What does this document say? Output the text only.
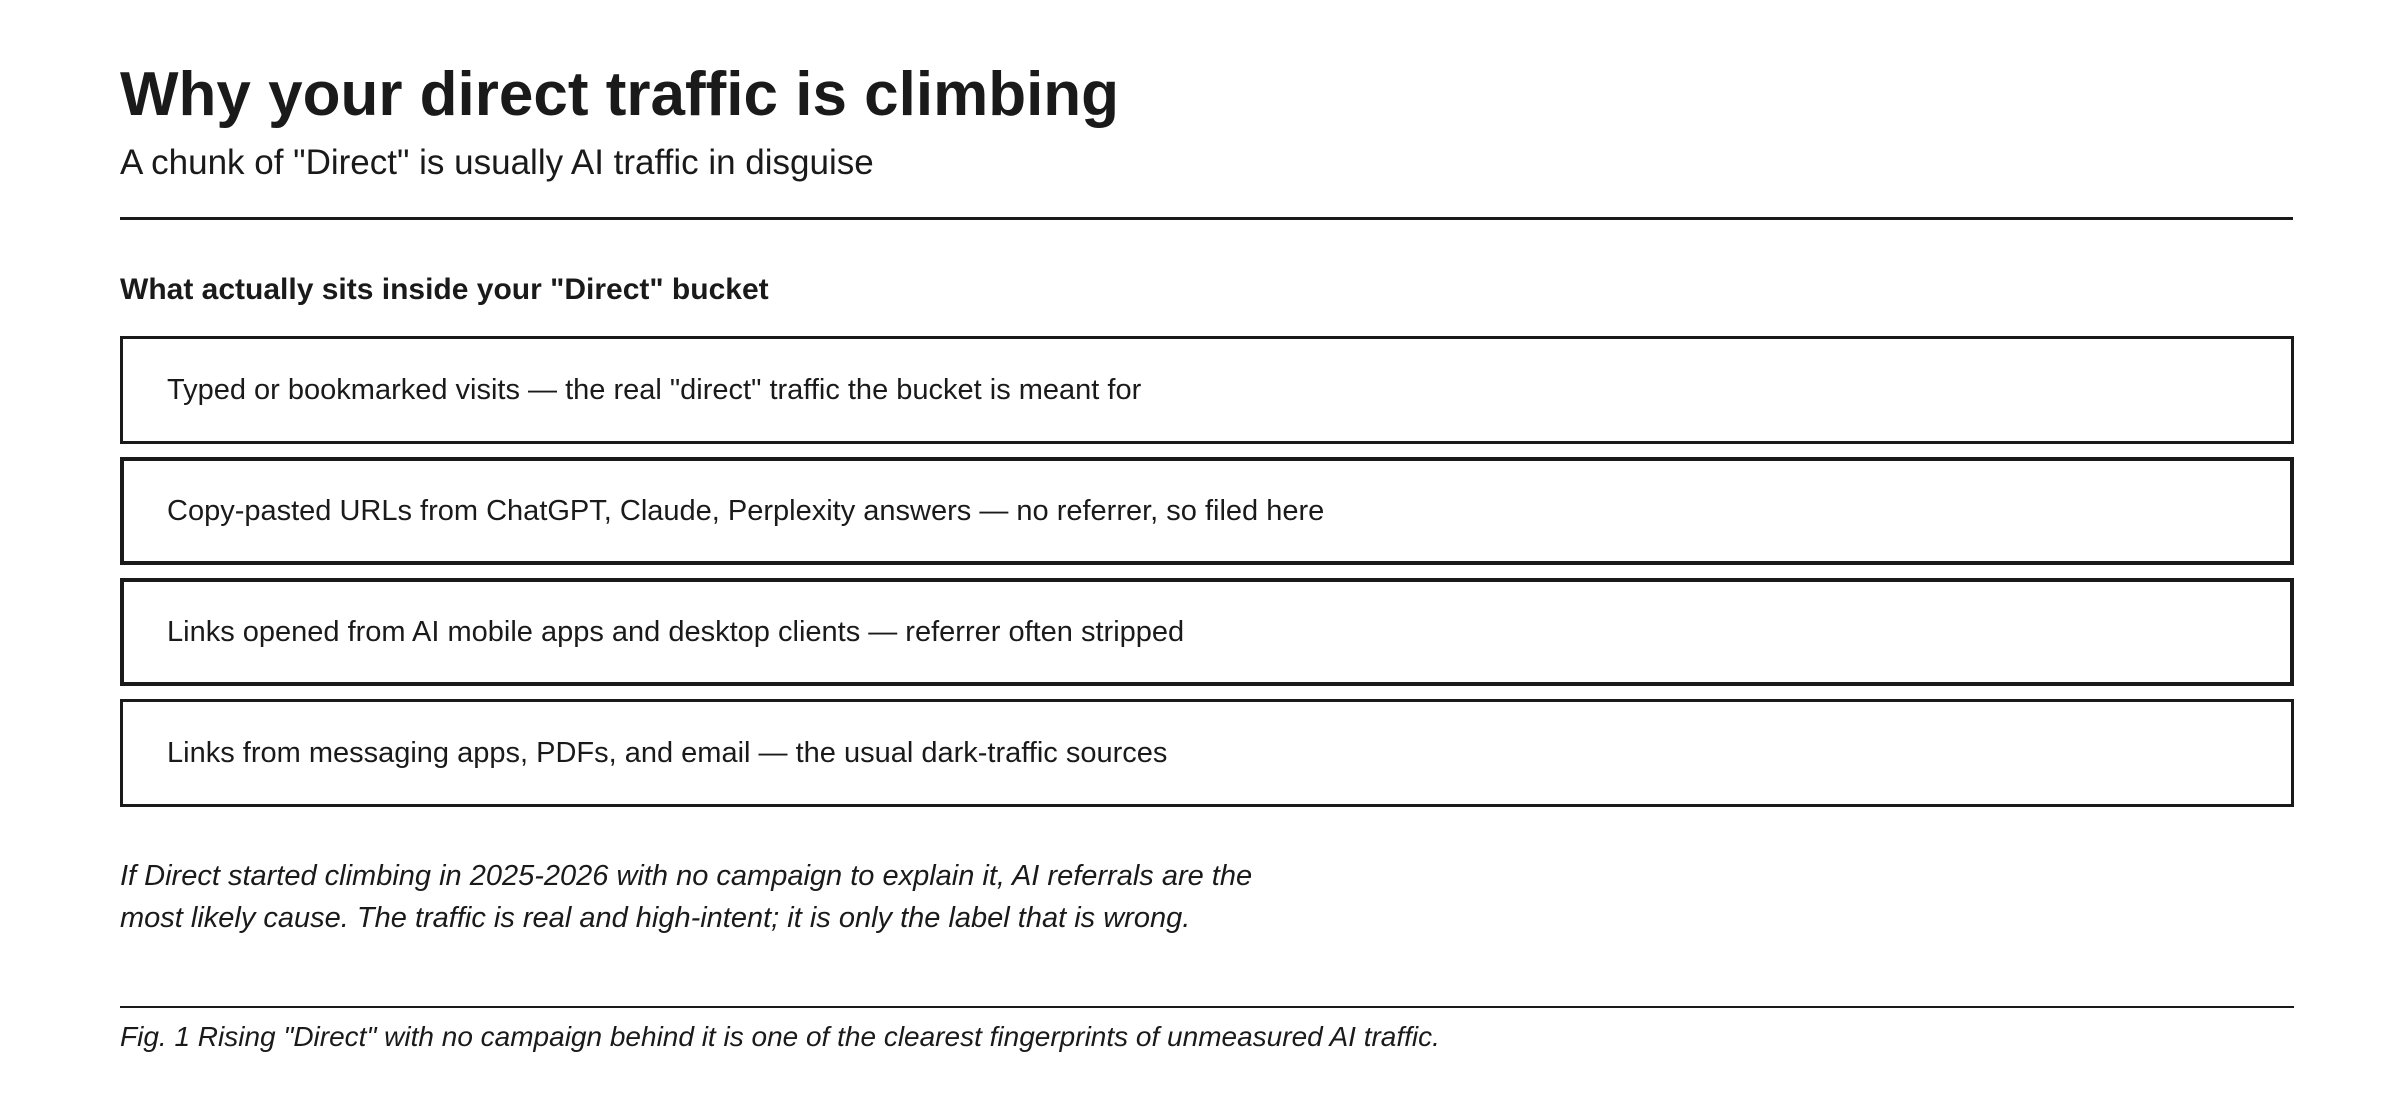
Why your direct traffic is climbing
A chunk of "Direct" is usually AI traffic in disguise
What actually sits inside your "Direct" bucket
Typed or bookmarked visits — the real "direct" traffic the bucket is meant for
Copy-pasted URLs from ChatGPT, Claude, Perplexity answers — no referrer, so filed here
Links opened from AI mobile apps and desktop clients — referrer often stripped
Links from messaging apps, PDFs, and email — the usual dark-traffic sources

If Direct started climbing in 2025-2026 with no campaign to explain it, AI referrals are the
most likely cause. The traffic is real and high-intent; it is only the label that is wrong.

Fig. 1 Rising "Direct" with no campaign behind it is one of the clearest fingerprints of unmeasured AI traffic.
